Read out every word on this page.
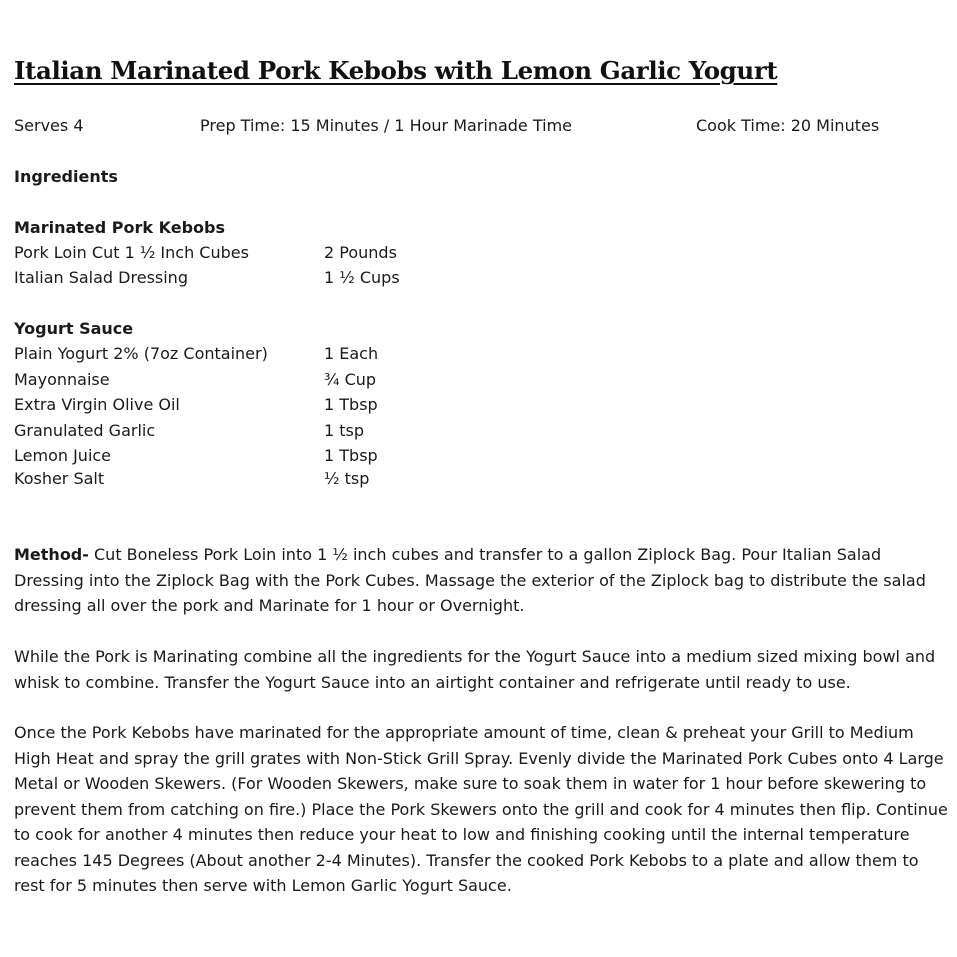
Italian Marinated Pork Kebobs with Lemon Garlic Yogurt
Serves 4	Prep Time: 15 Minutes / 1 Hour Marinade Time	Cook Time: 20 Minutes
Ingredients
Marinated Pork Kebobs
Pork Loin Cut 1 ½ Inch Cubes	2 Pounds
Italian Salad Dressing	1 ½ Cups
Yogurt Sauce
Plain Yogurt 2% (7oz Container)	1 Each
Mayonnaise	¾ Cup
Extra Virgin Olive Oil	1 Tbsp
Granulated Garlic	1 tsp
Lemon Juice	1 Tbsp
Kosher Salt	½ tsp

Method- Cut Boneless Pork Loin into 1 ½ inch cubes and transfer to a gallon Ziplock Bag. Pour Italian Salad Dressing into the Ziplock Bag with the Pork Cubes. Massage the exterior of the Ziplock bag to distribute the salad dressing all over the pork and Marinate for 1 hour or Overnight.

While the Pork is Marinating combine all the ingredients for the Yogurt Sauce into a medium sized mixing bowl and whisk to combine. Transfer the Yogurt Sauce into an airtight container and refrigerate until ready to use.

Once the Pork Kebobs have marinated for the appropriate amount of time, clean & preheat your Grill to Medium High Heat and spray the grill grates with Non-Stick Grill Spray. Evenly divide the Marinated Pork Cubes onto 4 Large Metal or Wooden Skewers. (For Wooden Skewers, make sure to soak them in water for 1 hour before skewering to prevent them from catching on fire.) Place the Pork Skewers onto the grill and cook for 4 minutes then flip. Continue to cook for another 4 minutes then reduce your heat to low and finishing cooking until the internal temperature reaches 145 Degrees (About another 2-4 Minutes). Transfer the cooked Pork Kebobs to a plate and allow them to rest for 5 minutes then serve with Lemon Garlic Yogurt Sauce.
